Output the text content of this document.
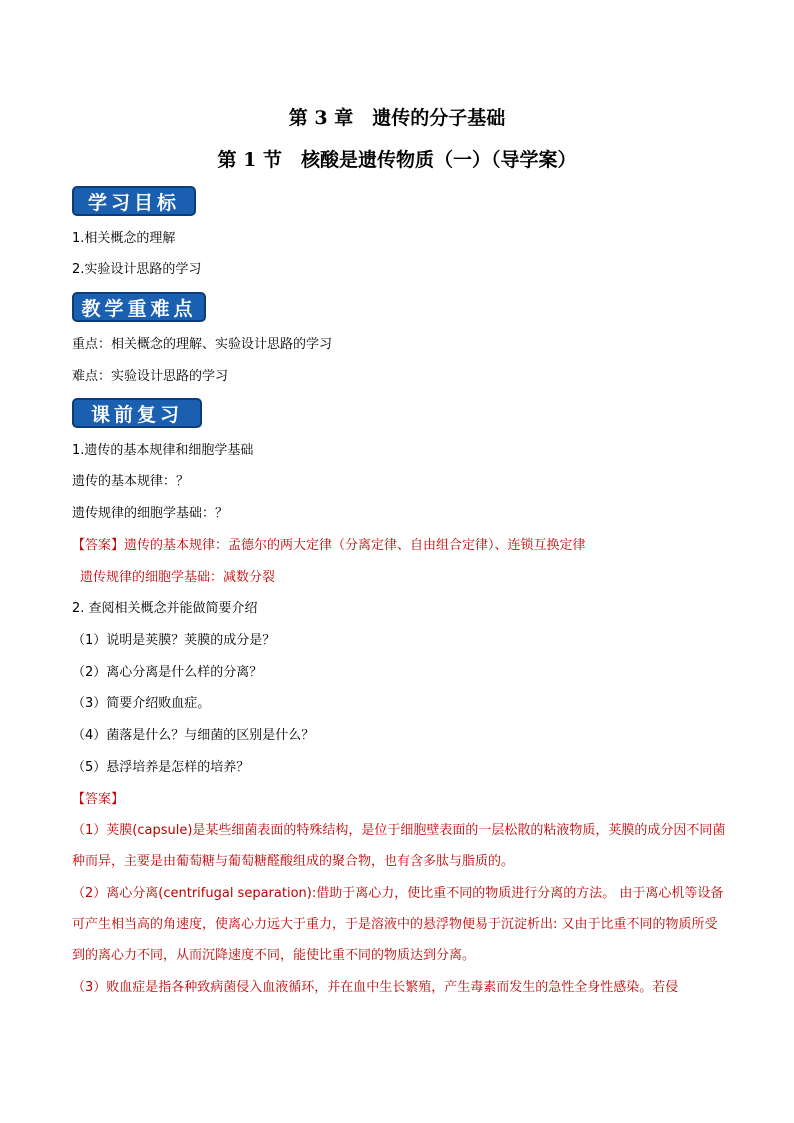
第 3 章　遗传的分子基础
第 1 节　核酸是遗传物质（一）（导学案）
学习目标
1.相关概念的理解
2.实验设计思路的学习
教学重难点
重点：相关概念的理解、实验设计思路的学习
难点：实验设计思路的学习
课前复习
1.遗传的基本规律和细胞学基础
遗传的基本规律：？
遗传规律的细胞学基础：？
【答案】遗传的基本规律：孟德尔的两大定律（分离定律、自由组合定律）、连锁互换定律
遗传规律的细胞学基础：减数分裂
2. 查阅相关概念并能做简要介绍
（1）说明是荚膜？荚膜的成分是？
（2）离心分离是什么样的分离？
（3）简要介绍败血症。
（4）菌落是什么？与细菌的区别是什么？
（5）悬浮培养是怎样的培养？
【答案】
（1）荚膜(capsule)是某些细菌表面的特殊结构，是位于细胞壁表面的一层松散的粘液物质，荚膜的成分因不同菌种而异，主要是由葡萄糖与葡萄糖醛酸组成的聚合物，也有含多肽与脂质的。
（2）离心分离(centrifugal separation):借助于离心力，使比重不同的物质进行分离的方法。 由于离心机等设备可产生相当高的角速度，使离心力远大于重力，于是溶液中的悬浮物便易于沉淀析出: 又由于比重不同的物质所受到的离心力不同，从而沉降速度不同，能使比重不同的物质达到分离。
（3）败血症是指各种致病菌侵入血液循环，并在血中生长繁殖，产生毒素而发生的急性全身性感染。若侵
